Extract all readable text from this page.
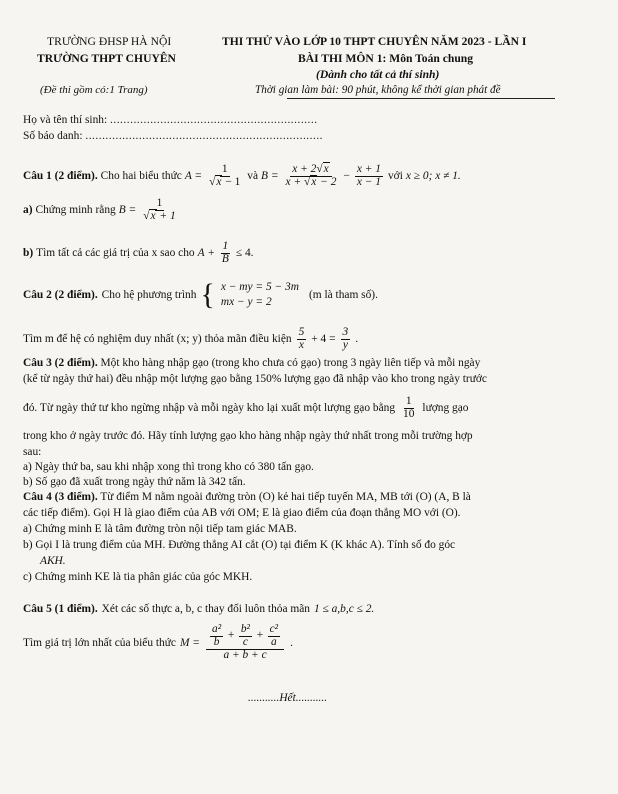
TRƯỜNG ĐHSP HÀ NỘI
TRƯỜNG THPT CHUYÊN
(Đề thi gồm có:1 Trang)
THI THỬ VÀO LỚP 10 THPT CHUYÊN NĂM 2023 - LẦN I
BÀI THI MÔN 1: Môn Toán chung
(Dành cho tất cả thí sinh)
Thời gian làm bài: 90 phút, không kể thời gian phát đề
Họ và tên thí sinh: ..............................................................
Số báo danh: .......................................................................
Câu 1 (2 điểm). Cho hai biểu thức $A = \frac{1}{√x - 1}$ và $B = \frac{x + 2√x}{x + √x - 2} - \frac{x + 1}{x - 1}$ với x ≥ 0; x ≠ 1.
a) Chứng minh rằng $B = \frac{1}{√x + 1}$
b) Tìm tất cả các giá trị của x sao cho $A + \frac{1}{B} \le 4$.
Câu 2 (2 điểm). Cho hệ phương trình { x − my = 5 − 3m
mx − y = 2
(m là tham số).
Tìm m để hệ có nghiệm duy nhất (x; y) thỏa mãn điều kiện $\frac{5}{x} + 4 = \frac{3}{y}$ .
Câu 3 (2 điểm). Một kho hàng nhập gạo (trong kho chưa có gạo) trong 3 ngày liên tiếp và mỗi ngày
(kể từ ngày thứ hai) đều nhập một lượng gạo bằng 150% lượng gạo đã nhập vào kho trong ngày trước
đó. Từ ngày thứ tư kho ngừng nhập và mỗi ngày kho lại xuất một lượng gạo bằng $\frac{1}{10}$ lượng gạo
trong kho ở ngày trước đó. Hãy tính lượng gạo kho hàng nhập ngày thứ nhất trong mỗi trường hợp
sau:
a) Ngày thứ ba, sau khi nhập xong thì trong kho có 380 tấn gạo.
b) Số gạo đã xuất trong ngày thứ năm là 342 tấn.
Câu 4 (3 điểm). Từ điểm M nằm ngoài đường tròn (O) kẻ hai tiếp tuyến MA, MB tới (O) (A, B là
các tiếp điểm). Gọi H là giao điểm của AB với OM; E là giao điểm của đoạn thẳng MO với (O).
a) Chứng minh E là tâm đường tròn nội tiếp tam giác MAB.
b) Gọi I là trung điểm của MH. Đường thẳng AI cắt (O) tại điểm K (K khác A). Tính số đo góc
AKH.
c) Chứng minh KE là tia phân giác của góc MKH.
Câu 5 (1 điểm). Xét các số thực a, b, c thay đổi luôn thỏa mãn 1 ≤ a,b,c ≤ 2.
Tìm giá trị lớn nhất của biểu thức $M = \frac{\frac{\text{a²}}{b} + \frac{\text{b²}}{c} + \frac{\text{c²}}{a}}{a + b + c}$ .
...........Hết...........
